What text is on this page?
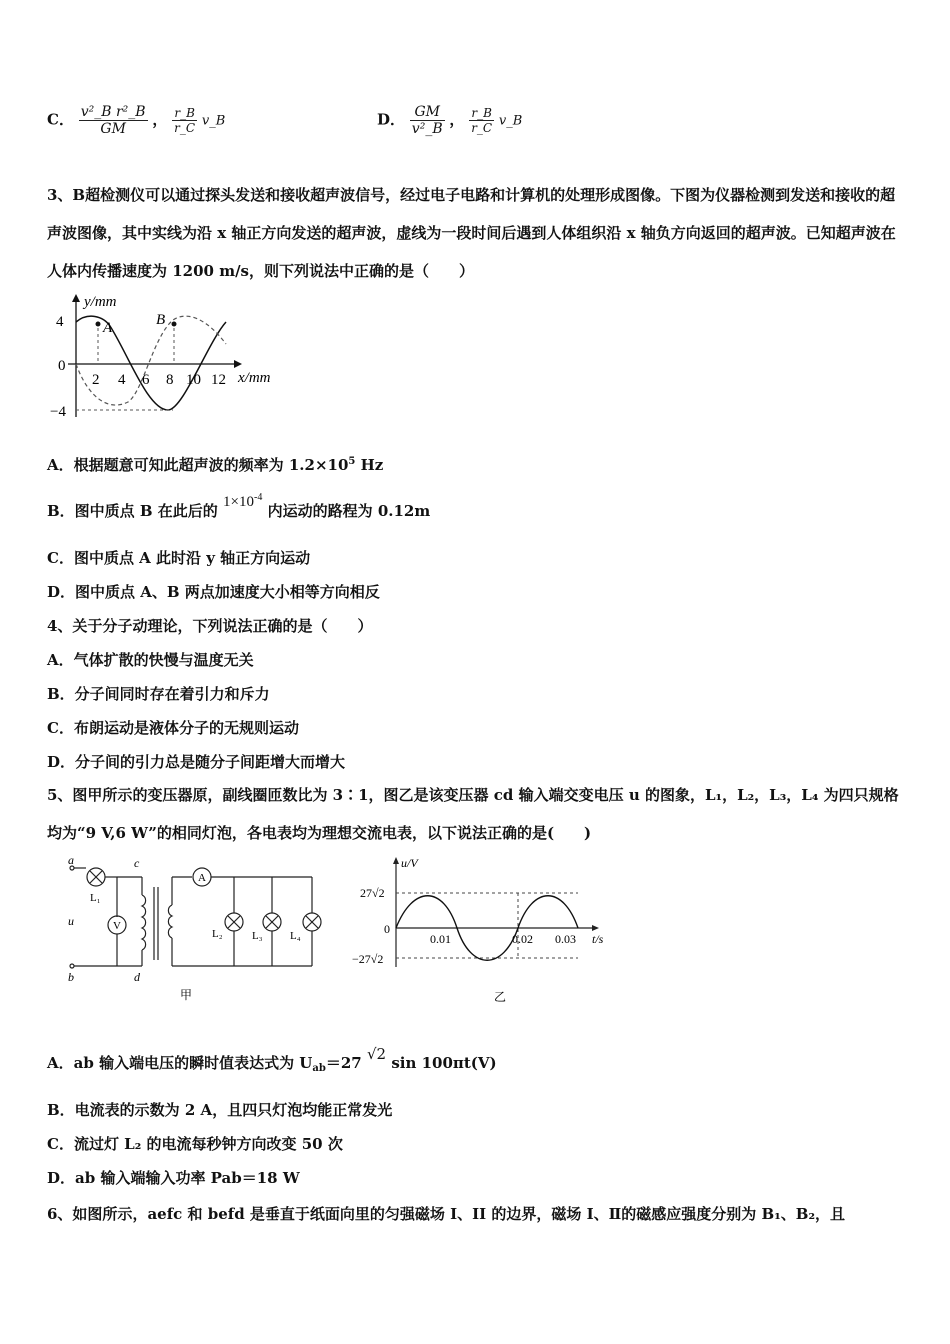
C． $\frac{\text{v²\_B r²\_B}}{GM}$ ， $\frac{r\_B}{r\_C}$ v_B	D． $\frac{GM}{\text{v²\_B}}$ ， $\frac{r\_B}{r\_C}$ v_B
3、B超检测仪可以通过探头发送和接收超声波信号，经过电子电路和计算机的处理形成图像。下图为仪器检测到发送和接收的超声波图像，其中实线为沿 x 轴正方向发送的超声波，虚线为一段时间后遇到人体组织沿 x 轴负方向返回的超声波。已知超声波在人体内传播速度为 1200 m/s，则下列说法中正确的是（　　）
A	B
y/mm
x/mm
4
0
−4
2 4 6 8 10 12
A．根据题意可知此超声波的频率为 $1.2\times 10^5$ Hz
B．图中质点 B 在此后的 $1\times 10^{-4}$ 内运动的路程为 0.12m
C．图中质点 A 此时沿 y 轴正方向运动
D．图中质点 A、B 两点加速度大小相等方向相反
4、关于分子动理论，下列说法正确的是（　　）
A．气体扩散的快慢与温度无关
B．分子间同时存在着引力和斥力
C．布朗运动是液体分子的无规则运动
D．分子间的引力总是随分子间距增大而增大
5、图甲所示的变压器原，副线圈匝数比为 3∶1，图乙是该变压器 cd 输入端交变电压 u 的图象，L₁，L₂，L₃，L₄ 为四只规格均为“9 V,6 W”的相同灯泡，各电表均为理想交流电表，以下说法正确的是(　　)
a
b
c
d
u
L₁
V
A
L₂	L₃ L₄
甲
u/V
t/s
27√2
0
−27√2
0.01	0.02 0.03
乙
A．ab 输入端电压的瞬时值表达式为 $U_{ab}=27$ √2 sin 100πt(V)
B．电流表的示数为 2 A，且四只灯泡均能正常发光
C．流过灯 L₂ 的电流每秒钟方向改变 50 次
D．ab 输入端输入功率 Pab＝18 W
6、如图所示，aefc 和 befd 是垂直于纸面向里的匀强磁场 I、II 的边界，磁场 I、Ⅱ的磁感应强度分别为 B₁、B₂，且
